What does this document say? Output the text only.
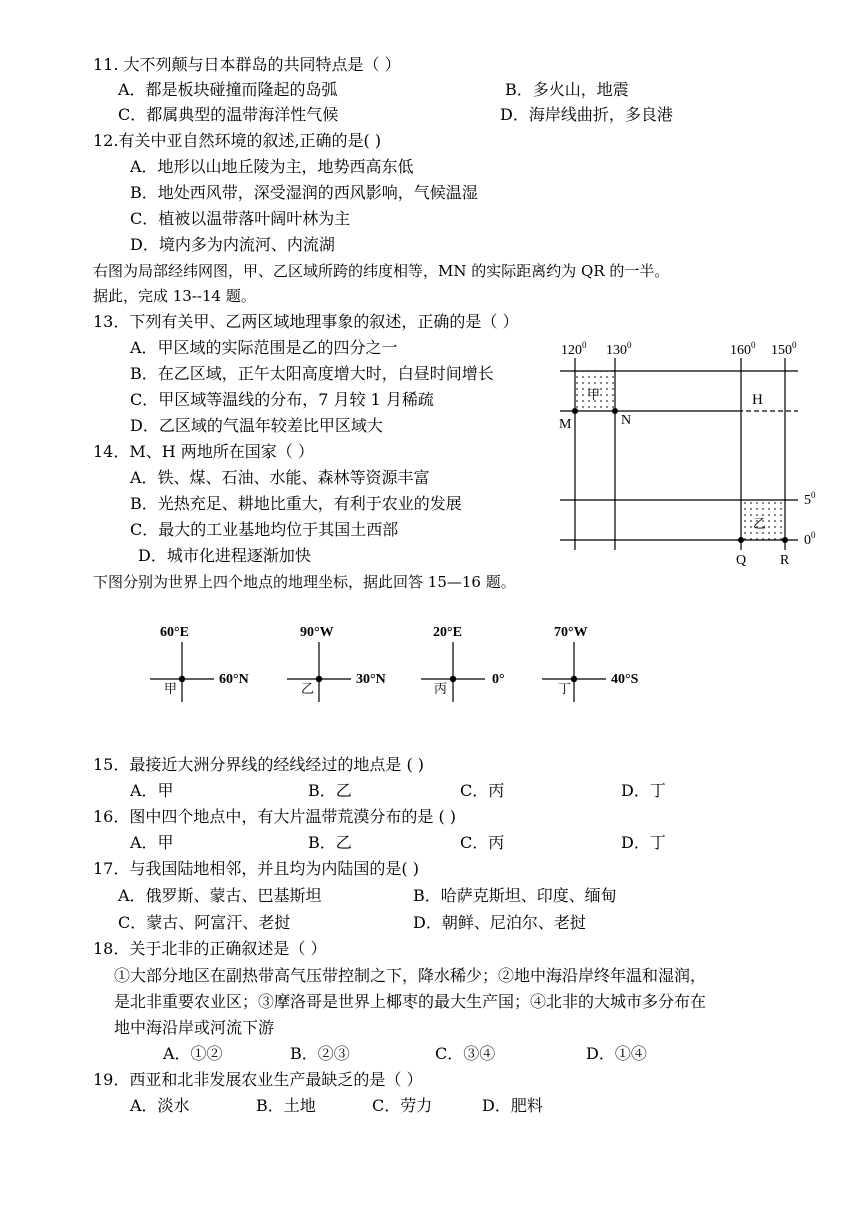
11. 大不列颠与日本群岛的共同特点是（ ）
A．都是板块碰撞而隆起的岛弧	B．多火山，地震
C．都属典型的温带海洋性气候	D．海岸线曲折，多良港
12.有关中亚自然环境的叙述,正确的是( )
A．地形以山地丘陵为主，地势西高东低
B．地处西风带，深受湿润的西风影响，气候温湿
C．植被以温带落叶阔叶林为主
D．境内多为内流河、内流湖
右图为局部经纬网图，甲、乙区域所跨的纬度相等，MN 的实际距离约为 QR 的一半。
据此，完成 13--14 题。
13．下列有关甲、乙两区域地理事象的叙述，正确的是（ ）
A．甲区域的实际范围是乙的四分之一
B．在乙区域，正午太阳高度增大时，白昼时间增长
C．甲区域等温线的分布，7 月较 1 月稀疏
D．乙区域的气温年较差比甲区域大
14．M、H 两地所在国家（ ）
A．铁、煤、石油、水能、森林等资源丰富
B．光热充足、耕地比重大，有利于农业的发展
C．最大的工业基地均位于其国土西部
D．城市化进程逐渐加快
$120^0$ $130^0$	$160^0$ $150^0$
$5^0$
$0^0$
甲
乙
M	N
H
Q R
下图分别为世界上四个地点的地理坐标，据此回答 15—16 题。
60°E
60°N
甲
90°W
30°N
乙
20°E
0°
丙
70°W
40°S
丁
15．最接近大洲分界线的经线经过的地点是 ( )
A．甲	B．乙	C．丙	D．丁
16．图中四个地点中，有大片温带荒漠分布的是 ( )
A．甲	B．乙	C．丙	D．丁
17．与我国陆地相邻，并且均为内陆国的是( )
A．俄罗斯、蒙古、巴基斯坦	B．哈萨克斯坦、印度、缅甸
C．蒙古、阿富汗、老挝	D．朝鲜、尼泊尔、老挝
18．关于北非的正确叙述是（ ）
①大部分地区在副热带高气压带控制之下，降水稀少；②地中海沿岸终年温和湿润，
是北非重要农业区；③摩洛哥是世界上椰枣的最大生产国；④北非的大城市多分布在
地中海沿岸或河流下游
A．①②	B．②③	C．③④	D．①④
19．西亚和北非发展农业生产最缺乏的是（ ）
A．淡水	B．土地	C．劳力	D．肥料
